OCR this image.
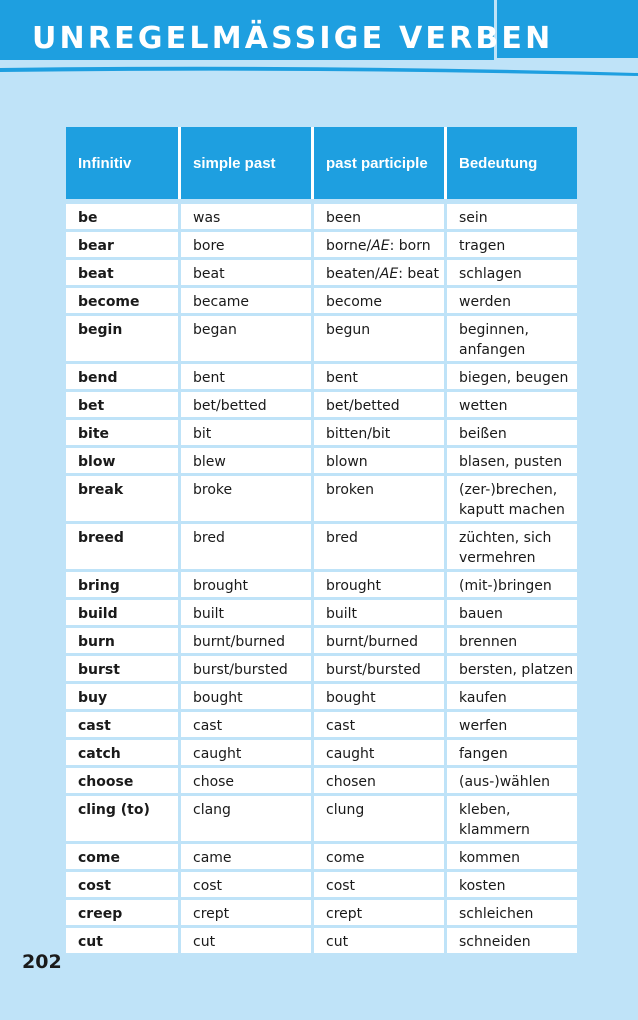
UNREGELMÄSSIGE VERBEN
Infinitiv	simple past	past participle	Bedeutung
be	was	been	sein
bear	bore	borne/AE: born	tragen
beat	beat	beaten/AE: beat	schlagen
become	became	become	werden
begin	began	begun	beginnen, anfangen
bend	bent	bent	biegen, beugen
bet	bet/betted	bet/betted	wetten
bite	bit	bitten/bit	beißen
blow	blew	blown	blasen, pusten
break	broke	broken	(zer-)brechen, kaputt machen
breed	bred	bred	züchten, sich vermehren
bring	brought	brought	(mit-)bringen
build	built	built	bauen
burn	burnt/burned	burnt/burned	brennen
burst	burst/bursted	burst/bursted	bersten, platzen
buy	bought	bought	kaufen
cast	cast	cast	werfen
catch	caught	caught	fangen
choose	chose	chosen	(aus-)wählen
cling (to)	clang	clung	kleben, klammern
come	came	come	kommen
cost	cost	cost	kosten
creep	crept	crept	schleichen
cut	cut	cut	schneiden
202
